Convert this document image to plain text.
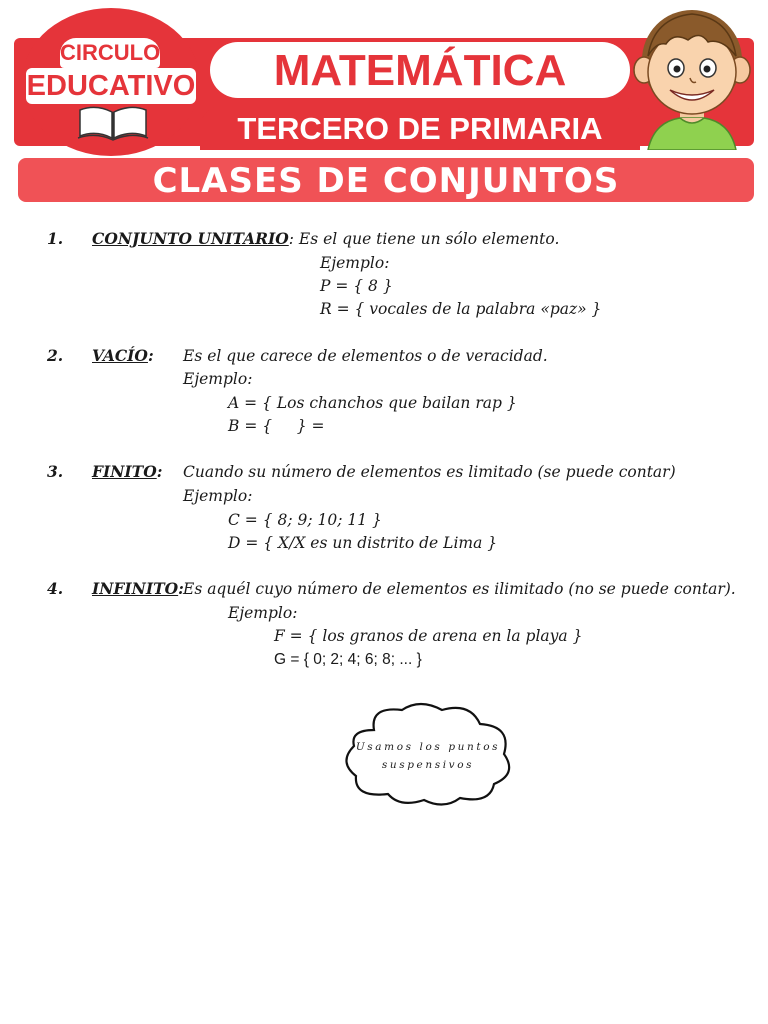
CIRCULO
EDUCATIVO	MATEMÁTICA
TERCERO DE PRIMARIA
CLASES DE CONJUNTOS
1. CONJUNTO UNITARIO: Es el que tiene un sólo elemento.
Ejemplo:
P = { 8 }
R = { vocales de la palabra «paz» }
2. VACÍO: Es el que carece de elementos o de veracidad.
Ejemplo:
A = { Los chanchos que bailan rap }
B = {     } =
3. FINITO: Cuando su número de elementos es limitado (se puede contar)
Ejemplo:
C = { 8; 9; 10; 11 }
D = { X/X es un distrito de Lima }
4. INFINITO: Es aquél cuyo número de elementos es ilimitado (no se puede contar).
Ejemplo:
F = { los granos de arena en la playa }
G = { 0; 2; 4; 6; 8; ... }
Usamos los puntos
suspensivos
